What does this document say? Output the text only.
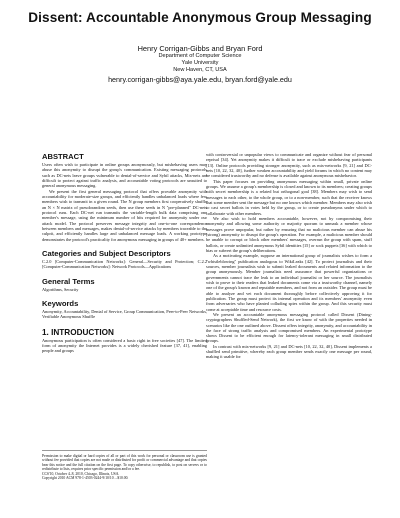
Dissent: Accountable Anonymous Group Messaging
Henry Corrigan-Gibbs and Bryan Ford
Department of Computer Science
Yale University
New Haven, CT, USA
henry.corrigan-gibbs@aya.yale.edu, bryan.ford@yale.edu
ABSTRACT

Users often wish to participate in online groups anonymously, but misbehaving users may abuse this anonymity to disrupt the group's communication. Existing messaging protocols such as DC-nets leave groups vulnerable to denial-of-service and Sybil attacks, Mix-nets are difficult to protect against traffic analysis, and accountable voting protocols are unsuited to general anonymous messaging.

We present the first general messaging protocol that offers provable anonymity with accountability for moderate-size groups, and efficiently handles unbalanced loads where few members wish to transmit in a given round. The N group members first cooperatively shuffle an N × N matrix of pseudorandom seeds, then use these seeds in N "pre-planned" DC-nets protocol runs. Each DC-net run transmits the variable-length bulk data comprising one member's message, using the minimum number of bits required for anonymity under our attack model. The protocol preserves message integrity and one-to-one correspondence between members and messages, makes denial-of-service attacks by members traceable to the culprit, and efficiently handles large and unbalanced message loads. A working prototype demonstrates the protocol's practicality for anonymous messaging in groups of 40+ members.

Categories and Subject Descriptors

C.2.0 [Computer-Communication Networks]: General—Security and Protection; C.2.2 [Computer-Communication Networks]: Network Protocols—Applications

General Terms

Algorithms, Security

Keywords

Anonymity, Accountability, Denial of Service, Group Communication, Peer-to-Peer Networks, Verifiable Anonymous Shuffle

1. INTRODUCTION

Anonymous participation is often considered a basic right in free societies [47]. The limited form of anonymity the Internet provides is a widely cherished feature [37, 41], enabling people and groups

Permission to make digital or hard copies of all or part of this work for personal or classroom use is granted without fee provided that copies are not made or distributed for profit or commercial advantage and that copies bear this notice and the full citation on the first page. To copy otherwise, to republish, to post on servers or to redistribute to lists, requires prior specific permission and/or a fee.
CCS'10, October 4–8, 2010, Chicago, Illinois, USA.
Copyright 2010 ACM 978-1-4503-0244-9/10/10 ...$10.00.

with controversial or unpopular views to communicate and organize without fear of personal reprisal [34]. Yet anonymity makes it difficult to trace or exclude misbehaving participants [13]. Online protocols providing stronger anonymity, such as mix-networks [9, 21] and DC-nets [10, 22, 32, 40], further weaken accountability and yield forums in which no content may be considered trustworthy and no defense is available against anonymous misbehavior.

This paper focuses on providing anonymous messaging within small, private online groups. We assume a group's membership is closed and known to its members; creating groups with secret membership is a related but orthogonal goal [38]. Members may wish to send messages to each other, to the whole group, or to a non-member, such that the receiver knows that some member sent the message but no one knows which member. Members may also wish to cast secret ballots in votes held by the group, or to create pseudonyms under which to collaborate with other members.

We also wish to hold members accountable, however, not by compromising their anonymity and allowing some authority or majority quorum to unmask a member whose messages prove unpopular, but rather by ensuring that no malicious member can abuse his (strong) anonymity to disrupt the group's operation. For example, a malicious member should be unable to corrupt or block other members' messages, overrun the group with spam, stuff ballots, or create unlimited anonymous Sybil identities [15] or sock puppets [36] with which to bias or subvert the group's deliberations.

As a motivating example, suppose an international group of journalists wishes to form a "whistleblowing" publication analogous to WikiLeaks [42]. To protect journalists and their sources, member journalists wish to submit leaked documents and related information to the group anonymously. Member journalists need assurance that powerful organizations or governments cannot trace the leak to an individual journalist or her source. The journalists wish to prove to their readers that leaked documents come via a trustworthy channel, namely one of the group's known and reputable members, and not from an outsider. The group must be able to analyze and vet each document thoroughly before collectively approving it for publication. The group must protect its internal operation and its members' anonymity even from adversaries who have planted colluding spies within the group. And this security must come at acceptable time and resource costs.

We present an accountable anonymous messaging protocol called Dissent (Dining-cryptographers Shuffled-Send Network), the first we know of with the properties needed in scenarios like the one outlined above. Dissent offers integrity, anonymity, and accountability in the face of strong traffic analysis and compromised members. An experimental prototype shows Dissent to be efficient enough for latency-tolerant messaging in small distributed groups.

In contrast with mix-networks [9, 21] and DC-nets [10, 22, 32, 40], Dissent implements a shuffled send primitive, whereby each group member sends exactly one message per round, making it usable for
